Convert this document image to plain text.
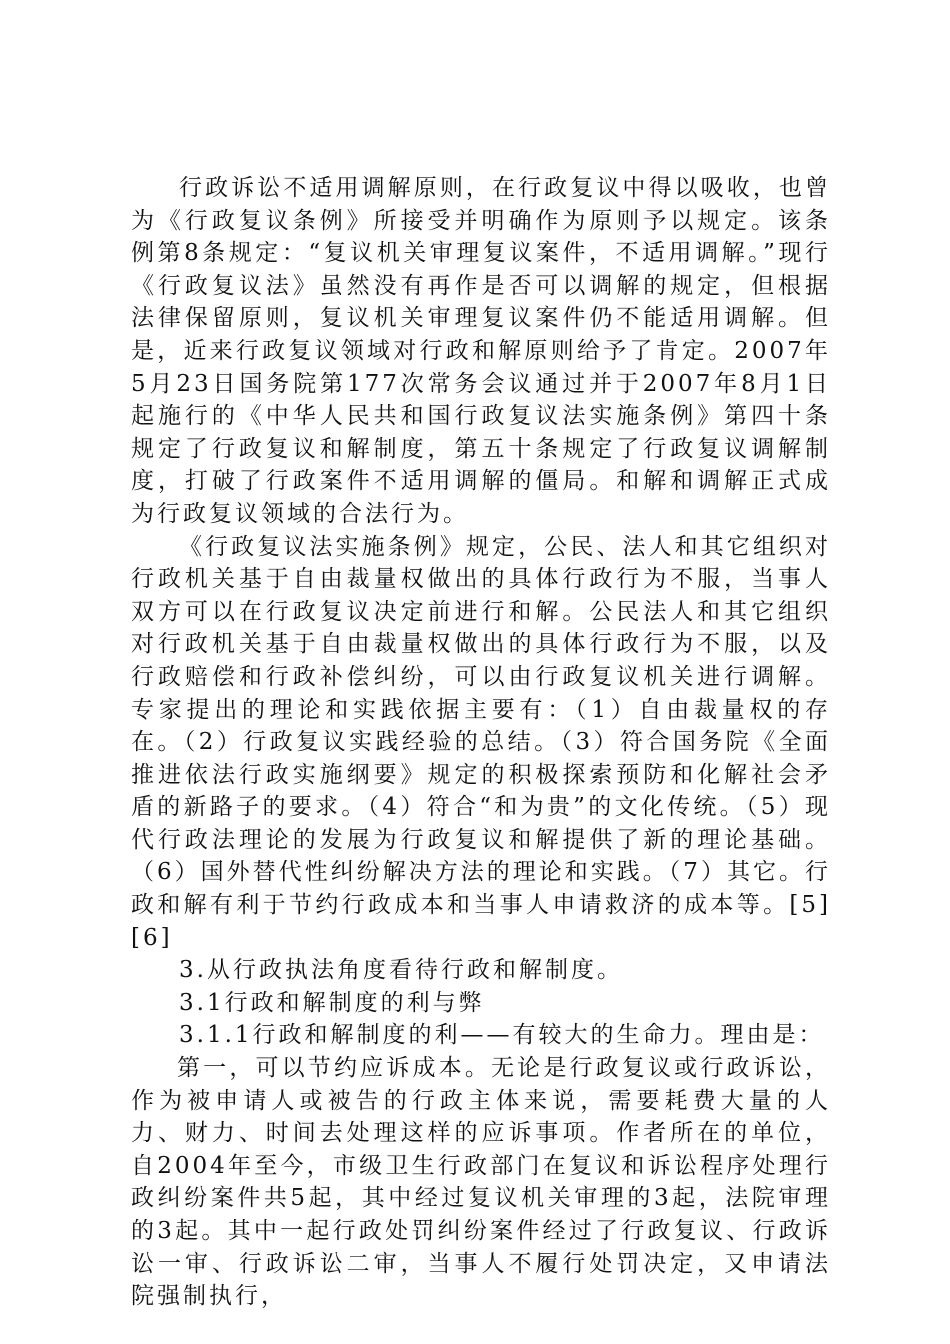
行政诉讼不适用调解原则，在行政复议中得以吸收，也曾为《行政复议条例》所接受并明确作为原则予以规定。该条例第8条规定：“复议机关审理复议案件，不适用调解。”现行《行政复议法》虽然没有再作是否可以调解的规定，但根据法律保留原则，复议机关审理复议案件仍不能适用调解。但是，近来行政复议领域对行政和解原则给予了肯定。2007年5月23日国务院第177次常务会议通过并于2007年8月1日起施行的《中华人民共和国行政复议法实施条例》第四十条规定了行政复议和解制度，第五十条规定了行政复议调解制度，打破了行政案件不适用调解的僵局。和解和调解正式成为行政复议领域的合法行为。

《行政复议法实施条例》规定，公民、法人和其它组织对行政机关基于自由裁量权做出的具体行政行为不服，当事人双方可以在行政复议决定前进行和解。公民法人和其它组织对行政机关基于自由裁量权做出的具体行政行为不服，以及行政赔偿和行政补偿纠纷，可以由行政复议机关进行调解。专家提出的理论和实践依据主要有：（1）自由裁量权的存在。（2）行政复议实践经验的总结。（3）符合国务院《全面推进依法行政实施纲要》规定的积极探索预防和化解社会矛盾的新路子的要求。（4）符合“和为贵”的文化传统。（5）现代行政法理论的发展为行政复议和解提供了新的理论基础。（6）国外替代性纠纷解决方法的理论和实践。（7）其它。行政和解有利于节约行政成本和当事人申请救济的成本等。[5][6]

3.从行政执法角度看待行政和解制度。

3.1行政和解制度的利与弊

3.1.1行政和解制度的利——有较大的生命力。理由是：

第一，可以节约应诉成本。无论是行政复议或行政诉讼，作为被申请人或被告的行政主体来说，需要耗费大量的人力、财力、时间去处理这样的应诉事项。作者所在的单位，自2004年至今，市级卫生行政部门在复议和诉讼程序处理行政纠纷案件共5起，其中经过复议机关审理的3起，法院审理的3起。其中一起行政处罚纠纷案件经过了行政复议、行政诉讼一审、行政诉讼二审，当事人不履行处罚决定，又申请法院强制执行，
